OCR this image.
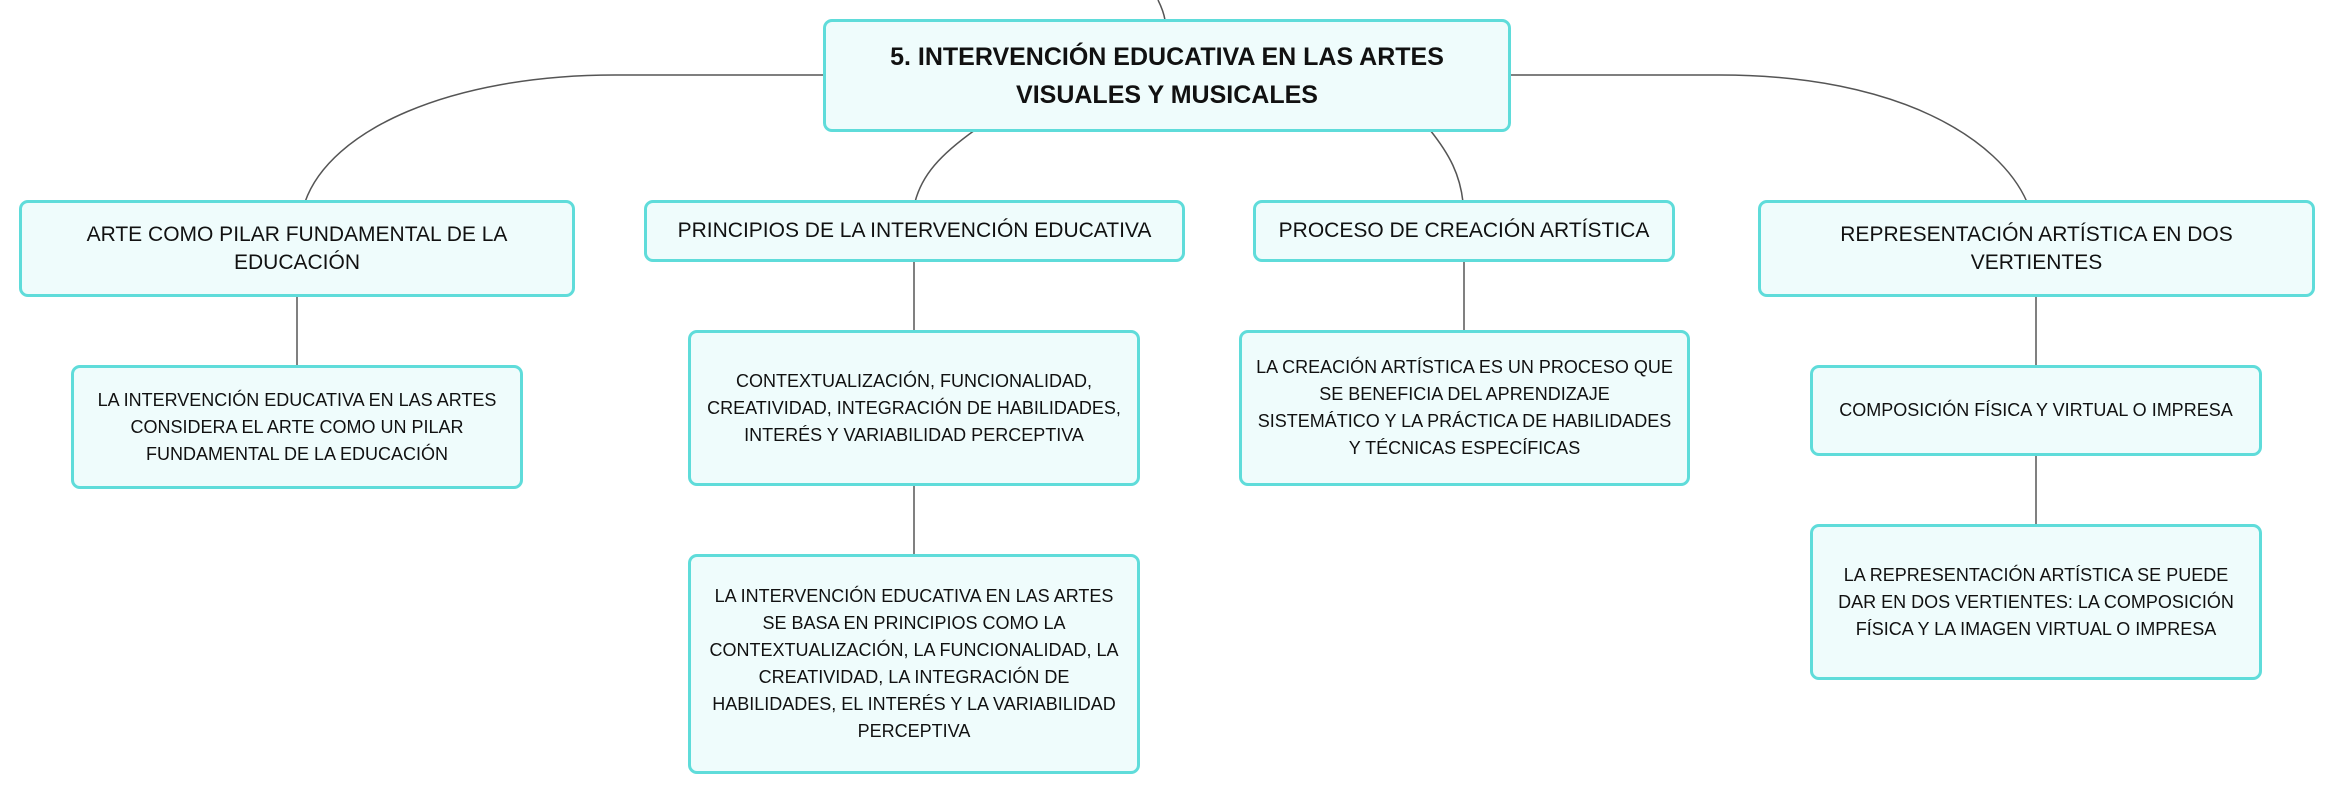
5. INTERVENCIÓN EDUCATIVA EN LAS ARTES VISUALES Y MUSICALES
ARTE COMO PILAR FUNDAMENTAL DE LA EDUCACIÓN
LA INTERVENCIÓN EDUCATIVA EN LAS ARTES CONSIDERA EL ARTE COMO UN PILAR FUNDAMENTAL DE LA EDUCACIÓN
PRINCIPIOS DE LA INTERVENCIÓN EDUCATIVA
CONTEXTUALIZACIÓN, FUNCIONALIDAD, CREATIVIDAD, INTEGRACIÓN DE HABILIDADES, INTERÉS Y VARIABILIDAD PERCEPTIVA
LA INTERVENCIÓN EDUCATIVA EN LAS ARTES SE BASA EN PRINCIPIOS COMO LA CONTEXTUALIZACIÓN, LA FUNCIONALIDAD, LA CREATIVIDAD, LA INTEGRACIÓN DE HABILIDADES, EL INTERÉS Y LA VARIABILIDAD PERCEPTIVA
PROCESO DE CREACIÓN ARTÍSTICA
LA CREACIÓN ARTÍSTICA ES UN PROCESO QUE SE BENEFICIA DEL APRENDIZAJE SISTEMÁTICO Y LA PRÁCTICA DE HABILIDADES Y TÉCNICAS ESPECÍFICAS
REPRESENTACIÓN ARTÍSTICA EN DOS VERTIENTES
COMPOSICIÓN FÍSICA Y VIRTUAL O IMPRESA
LA REPRESENTACIÓN ARTÍSTICA SE PUEDE DAR EN DOS VERTIENTES: LA COMPOSICIÓN FÍSICA Y LA IMAGEN VIRTUAL O IMPRESA
